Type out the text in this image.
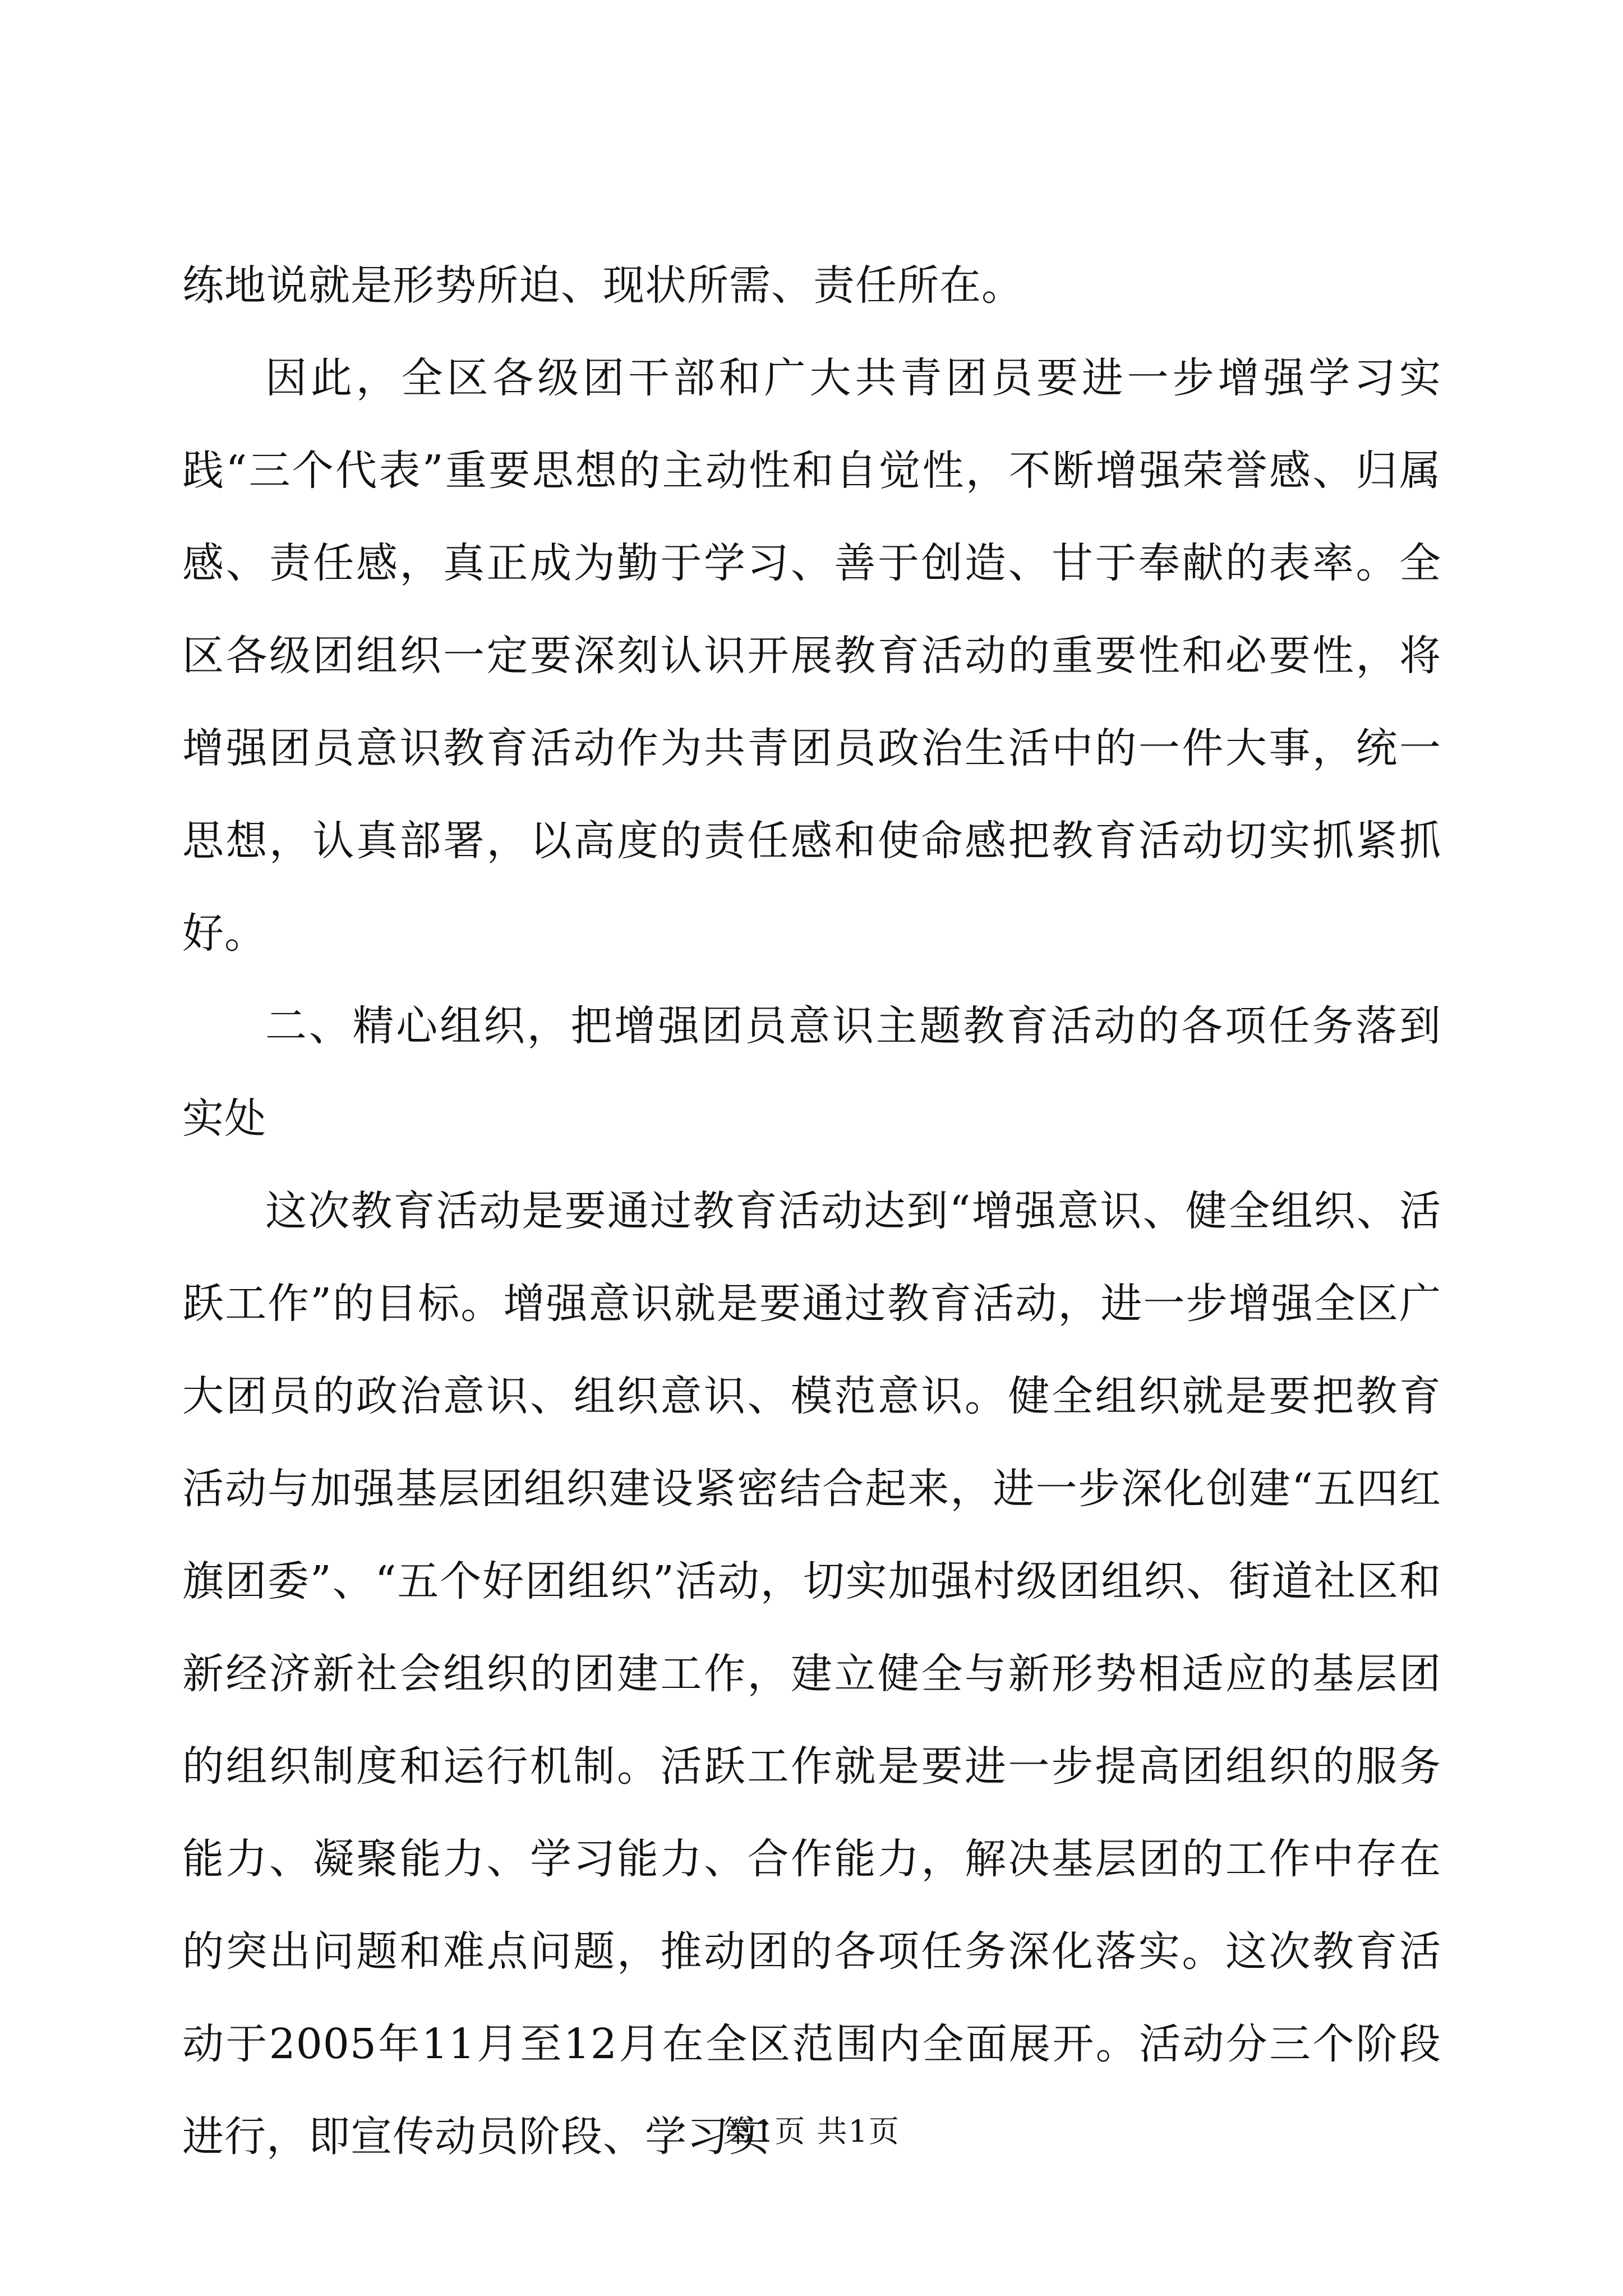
练地说就是形势所迫、现状所需、责任所在。

因此，全区各级团干部和广大共青团员要进一步增强学习实践“三个代表”重要思想的主动性和自觉性，不断增强荣誉感、归属感、责任感，真正成为勤于学习、善于创造、甘于奉献的表率。全区各级团组织一定要深刻认识开展教育活动的重要性和必要性，将增强团员意识教育活动作为共青团员政治生活中的一件大事，统一思想，认真部署，以高度的责任感和使命感把教育活动切实抓紧抓好。

二、精心组织，把增强团员意识主题教育活动的各项任务落到实处

这次教育活动是要通过教育活动达到“增强意识、健全组织、活跃工作”的目标。增强意识就是要通过教育活动，进一步增强全区广大团员的政治意识、组织意识、模范意识。健全组织就是要把教育活动与加强基层团组织建设紧密结合起来，进一步深化创建“五四红旗团委”、“五个好团组织”活动，切实加强村级团组织、街道社区和新经济新社会组织的团建工作，建立健全与新形势相适应的基层团的组织制度和运行机制。活跃工作就是要进一步提高团组织的服务能力、凝聚能力、学习能力、合作能力，解决基层团的工作中存在的突出问题和难点问题，推动团的各项任务深化落实。这次教育活动于2005年11月至12月在全区范围内全面展开。活动分三个阶段进行，即宣传动员阶段、学习实

第1页 共1页
